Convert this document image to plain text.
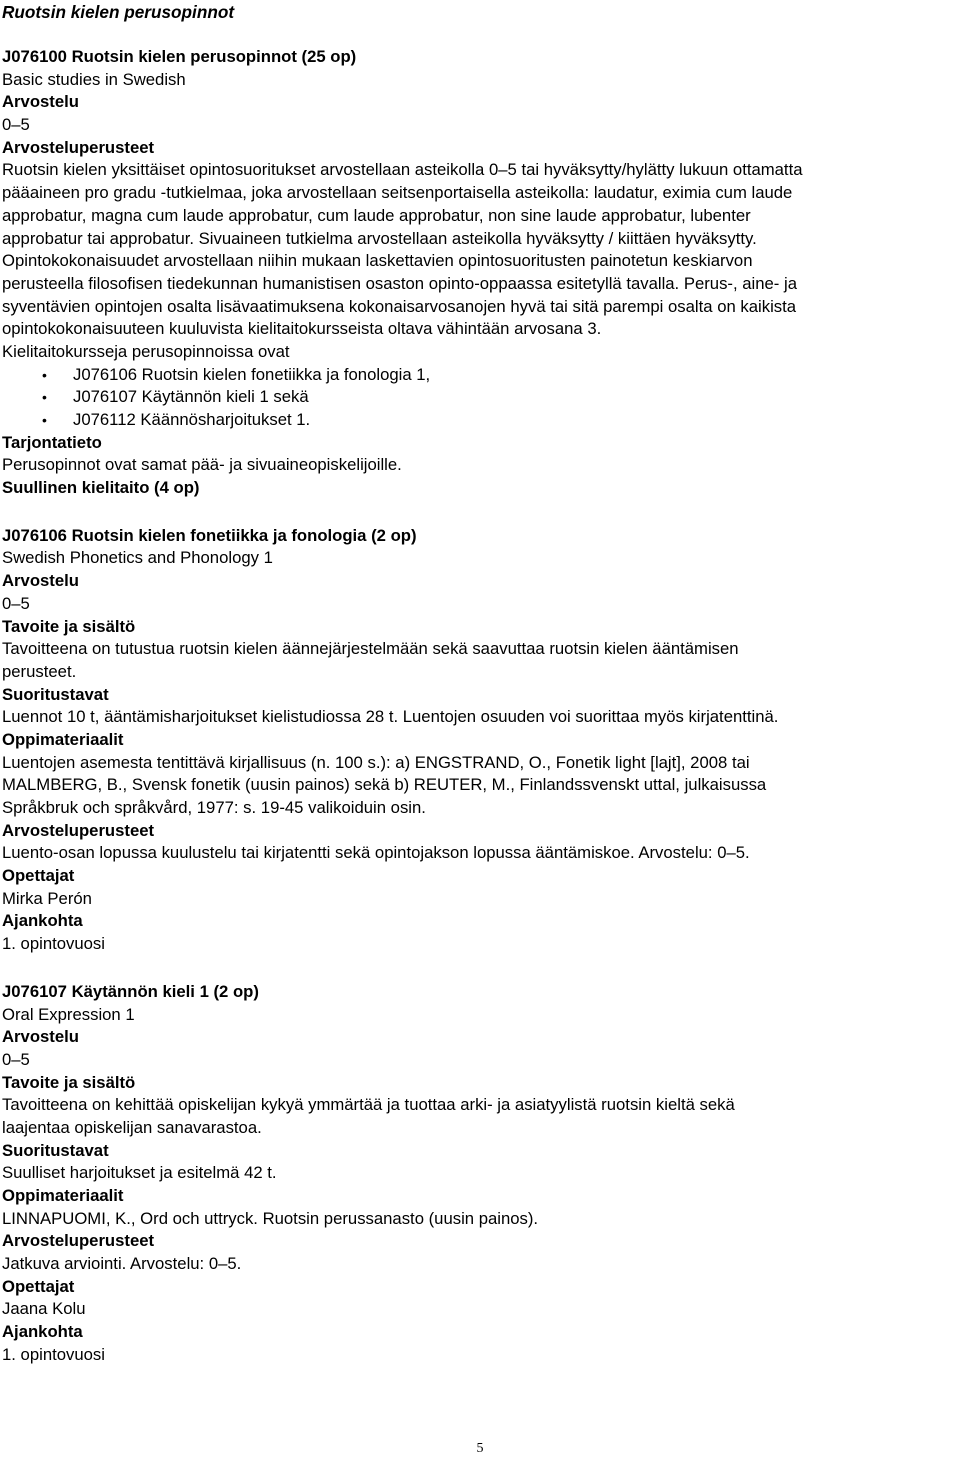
Ruotsin kielen perusopinnot

J076100 Ruotsin kielen perusopinnot (25 op)

Basic studies in Swedish

Arvostelu

0–5

Arvosteluperusteet

Ruotsin kielen yksittäiset opintosuoritukset arvostellaan asteikolla 0–5 tai hyväksytty/hylätty lukuun ottamatta

pääaineen pro gradu -tutkielmaa, joka arvostellaan seitsenportaisella asteikolla: laudatur, eximia cum laude

approbatur, magna cum laude approbatur, cum laude approbatur, non sine laude approbatur, lubenter

approbatur tai approbatur. Sivuaineen tutkielma arvostellaan asteikolla hyväksytty / kiittäen hyväksytty.

Opintokokonaisuudet arvostellaan niihin mukaan laskettavien opintosuoritusten painotetun keskiarvon

perusteella filosofisen tiedekunnan humanistisen osaston opinto-oppaassa esitetyllä tavalla. Perus-, aine- ja

syventävien opintojen osalta lisävaatimuksena kokonaisarvosanojen hyvä tai sitä parempi osalta on kaikista

opintokokonaisuuteen kuuluvista kielitaitokursseista oltava vähintään arvosana 3.

Kielitaitokursseja perusopinnoissa ovat

• J076106 Ruotsin kielen fonetiikka ja fonologia 1,
• J076107 Käytännön kieli 1 sekä
• J076112 Käännösharjoitukset 1.

Tarjontatieto

Perusopinnot ovat samat pää- ja sivuaineopiskelijoille.

Suullinen kielitaito (4 op)

J076106 Ruotsin kielen fonetiikka ja fonologia (2 op)

Swedish Phonetics and Phonology 1

Arvostelu

0–5

Tavoite ja sisältö

Tavoitteena on tutustua ruotsin kielen äännejärjestelmään sekä saavuttaa ruotsin kielen ääntämisen

perusteet.

Suoritustavat

Luennot 10 t, ääntämisharjoitukset kielistudiossa 28 t. Luentojen osuuden voi suorittaa myös kirjatenttinä.

Oppimateriaalit

Luentojen asemesta tentittävä kirjallisuus (n. 100 s.): a) ENGSTRAND, O., Fonetik light [lajt], 2008 tai

MALMBERG, B., Svensk fonetik (uusin painos) sekä b) REUTER, M., Finlandssvenskt uttal, julkaisussa

Språkbruk och språkvård, 1977: s. 19-45 valikoiduin osin.

Arvosteluperusteet

Luento-osan lopussa kuulustelu tai kirjatentti sekä opintojakson lopussa ääntämiskoe. Arvostelu: 0–5.

Opettajat

Mirka Perón

Ajankohta

1. opintovuosi

J076107 Käytännön kieli 1 (2 op)

Oral Expression 1

Arvostelu

0–5

Tavoite ja sisältö

Tavoitteena on kehittää opiskelijan kykyä ymmärtää ja tuottaa arki- ja asiatyylistä ruotsin kieltä sekä

laajentaa opiskelijan sanavarastoa.

Suoritustavat

Suulliset harjoitukset ja esitelmä 42 t.

Oppimateriaalit

LINNAPUOMI, K., Ord och uttryck. Ruotsin perussanasto (uusin painos).

Arvosteluperusteet

Jatkuva arviointi. Arvostelu: 0–5.

Opettajat

Jaana Kolu

Ajankohta

1. opintovuosi

5
